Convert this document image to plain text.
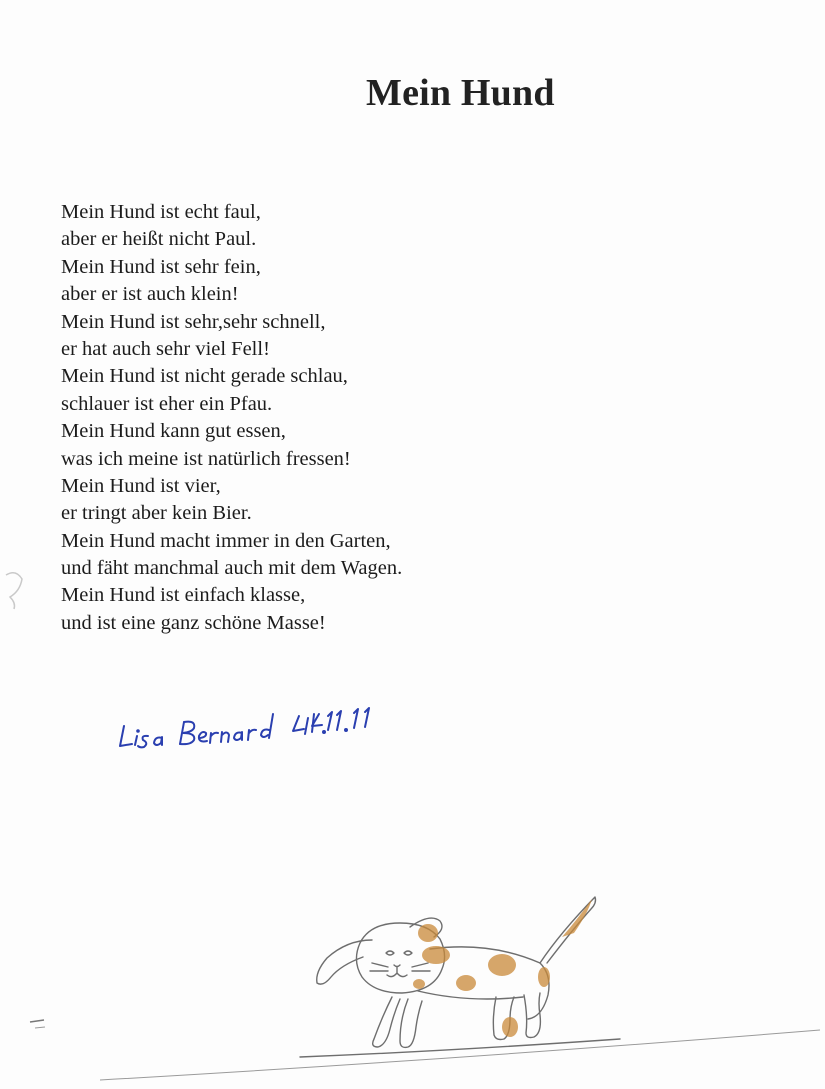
Mein Hund
Mein Hund ist echt faul,
aber er heißt nicht Paul.
Mein Hund ist sehr fein,
aber er ist auch klein!
Mein Hund ist sehr,sehr schnell,
er hat auch sehr viel Fell!
Mein Hund ist nicht gerade schlau,
schlauer ist eher ein Pfau.
Mein Hund kann gut essen,
was ich meine ist natürlich fressen!
Mein Hund ist vier,
er tringt aber kein Bier.
Mein Hund macht immer in den Garten,
und fäht manchmal auch mit dem Wagen.
Mein Hund ist einfach klasse,
und ist eine ganz schöne Masse!
